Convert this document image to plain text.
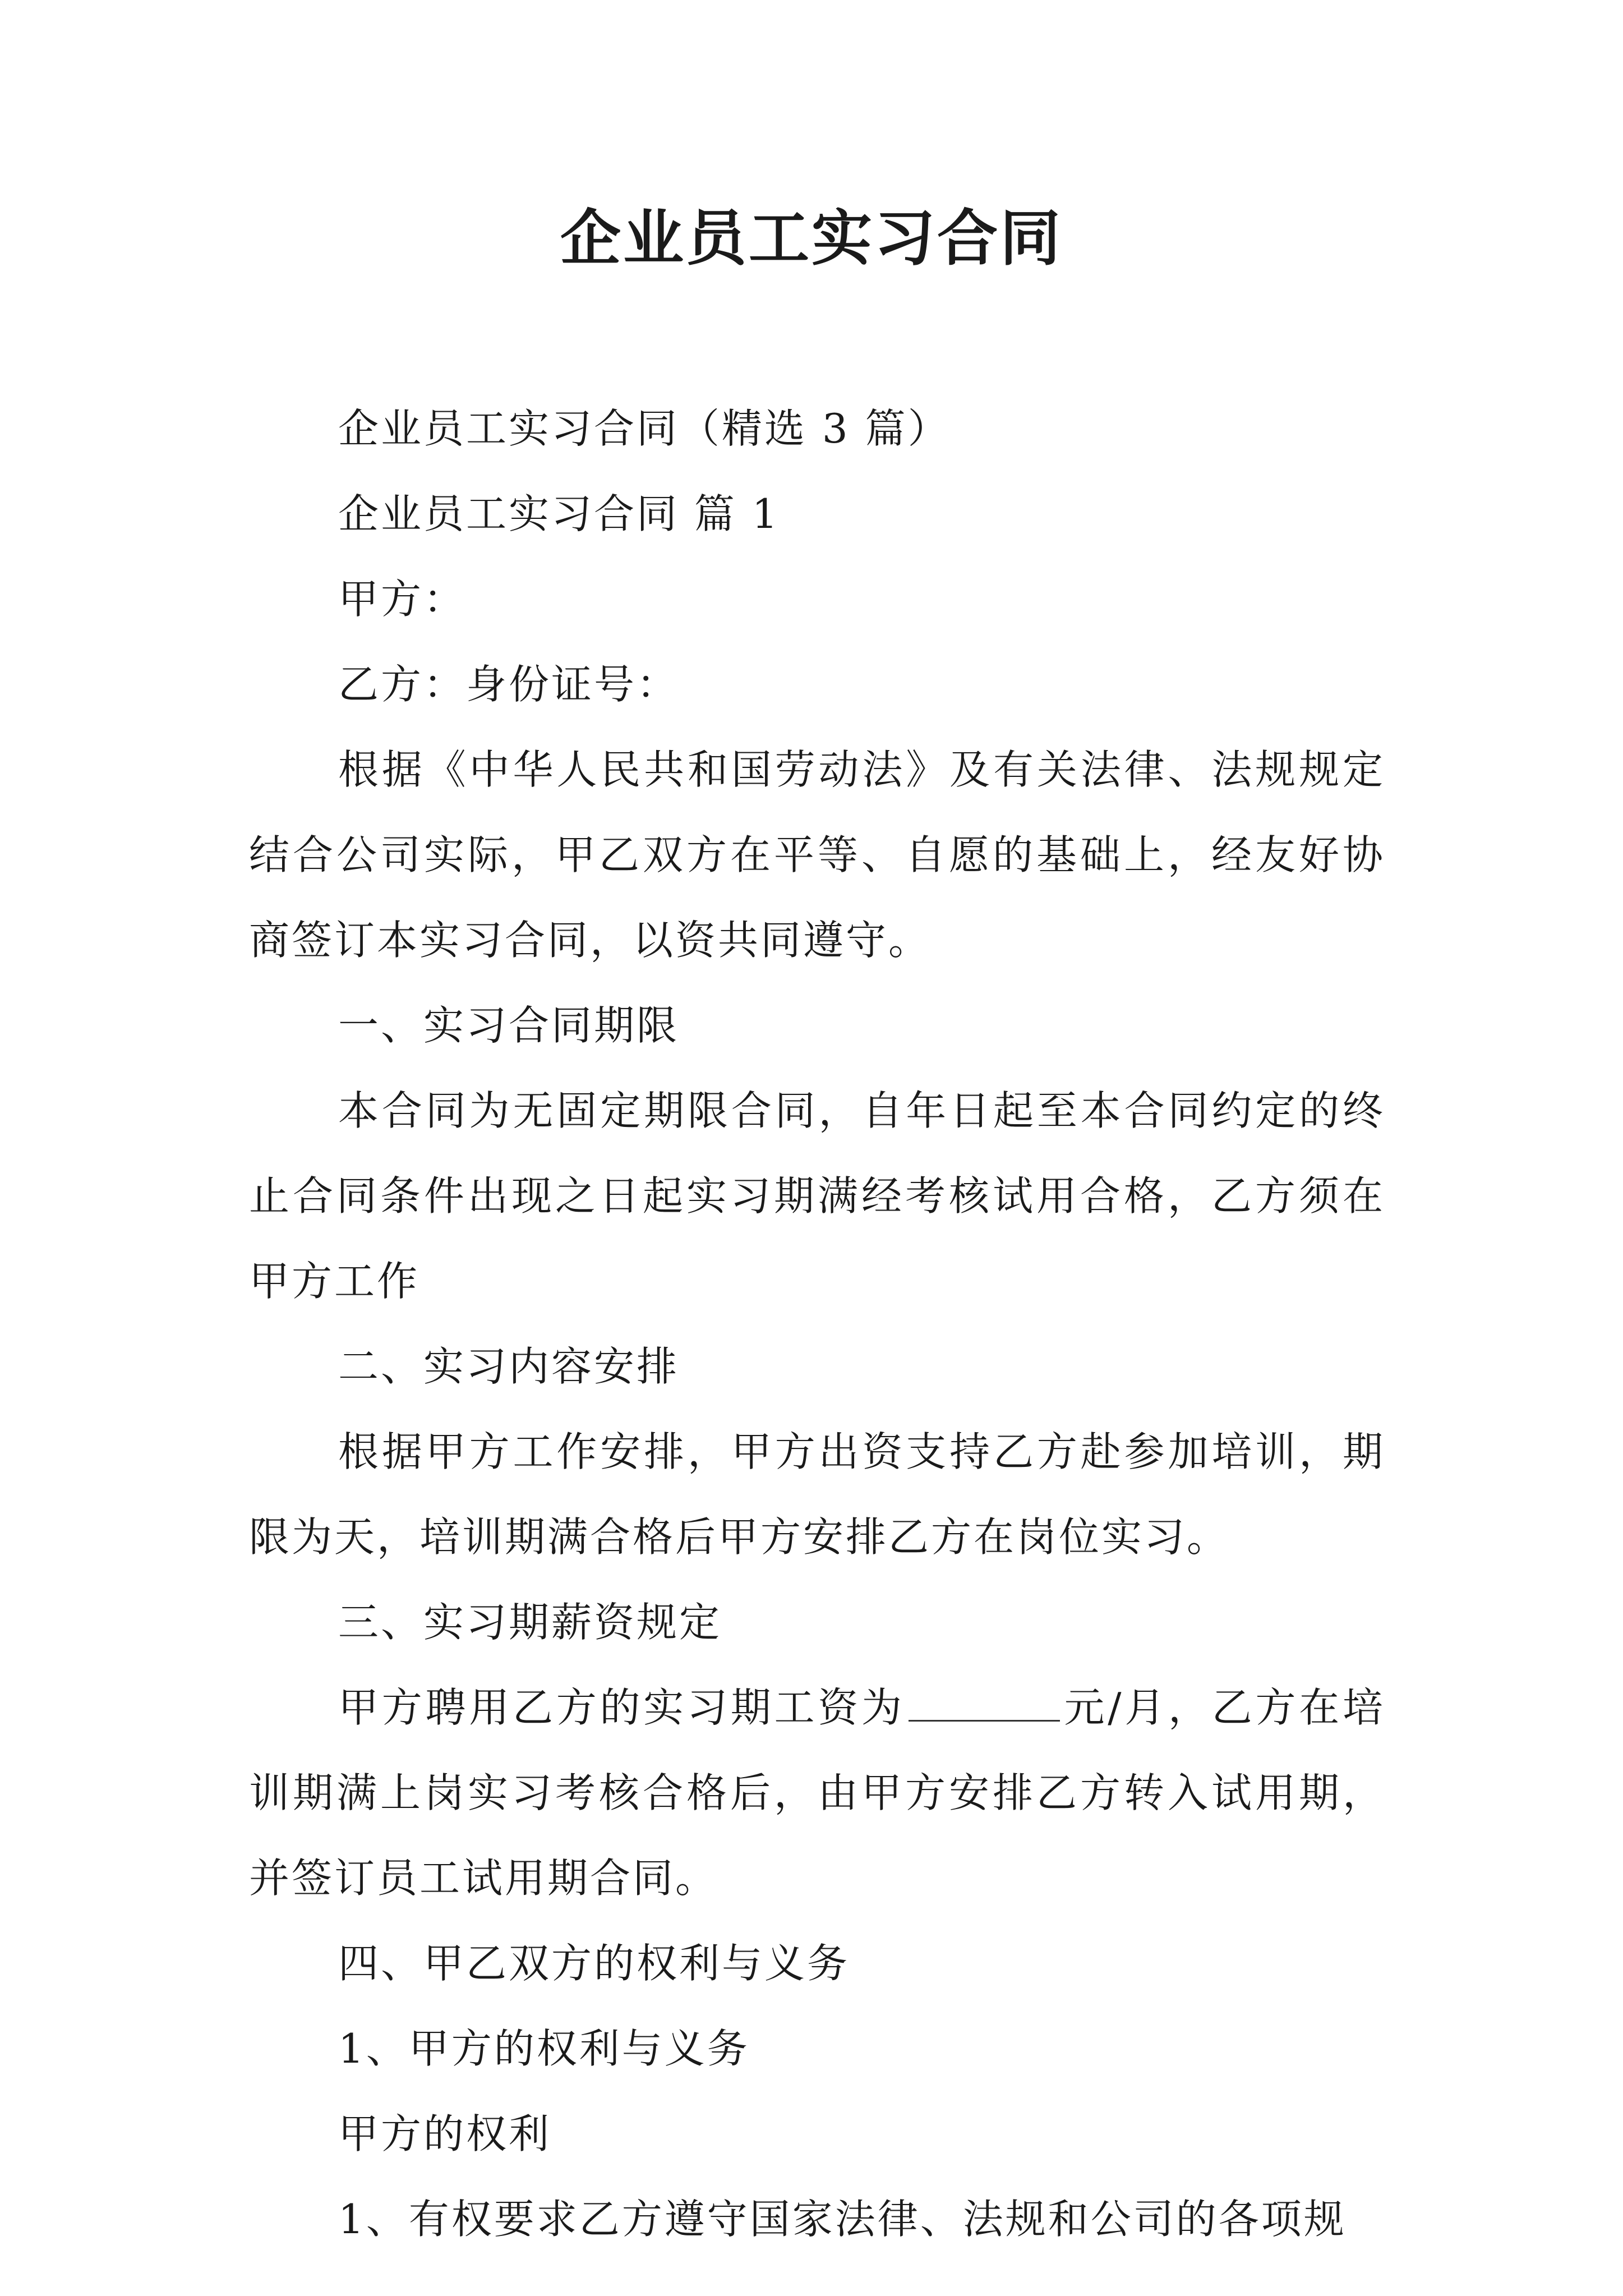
企业员工实习合同

企业员工实习合同（精选 3 篇）

企业员工实习合同 篇 1

甲方：

乙方：身份证号：

根据《中华人民共和国劳动法》及有关法律、法规规定结合公司实际，甲乙双方在平等、自愿的基础上，经友好协商签订本实习合同，以资共同遵守。

一、实习合同期限

本合同为无固定期限合同，自年日起至本合同约定的终止合同条件出现之日起实习期满经考核试用合格，乙方须在甲方工作

二、实习内容安排

根据甲方工作安排，甲方出资支持乙方赴参加培训，期限为天，培训期满合格后甲方安排乙方在岗位实习。

三、实习期薪资规定

甲方聘用乙方的实习期工资为	元/月，乙方在培训期满上岗实习考核合格后，由甲方安排乙方转入试用期，并签订员工试用期合同。

四、甲乙双方的权利与义务

1、甲方的权利与义务

甲方的权利

1、有权要求乙方遵守国家法律、法规和公司的各项规
